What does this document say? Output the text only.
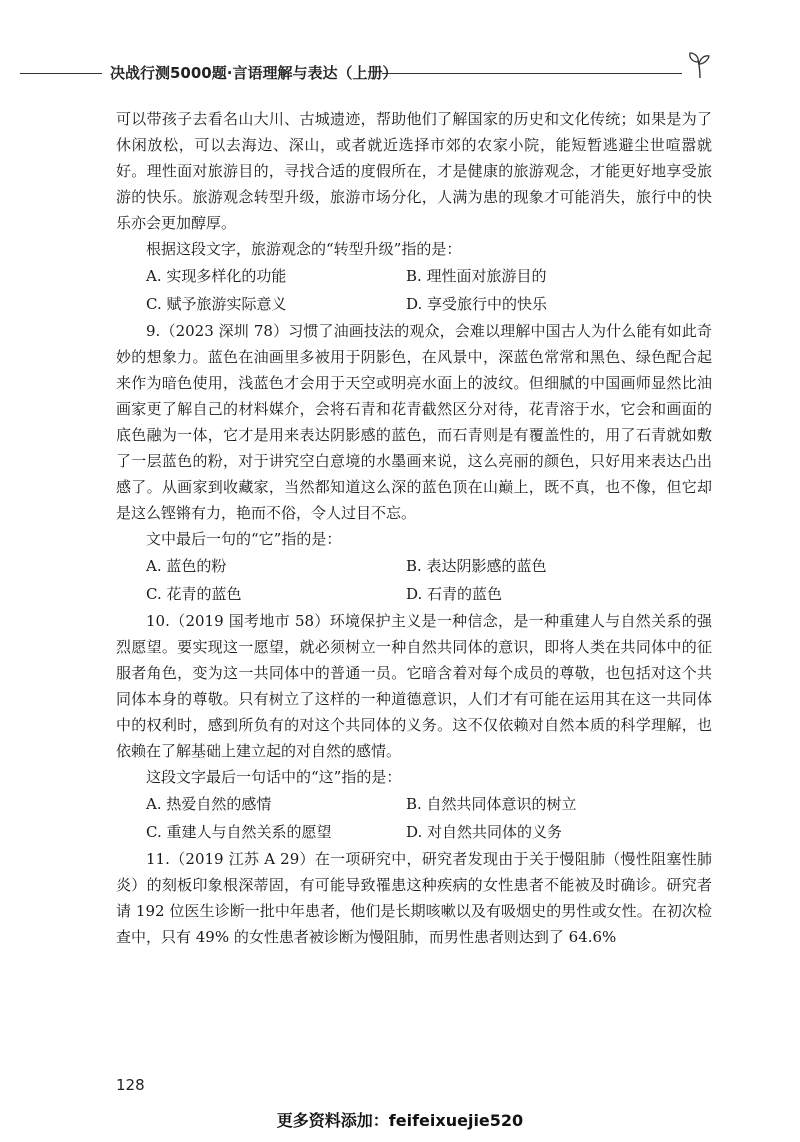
决战行测5000题·言语理解与表达（上册）

可以带孩子去看名山大川、古城遗迹，帮助他们了解国家的历史和文化传统；如果是为了休闲放松，可以去海边、深山，或者就近选择市郊的农家小院，能短暂逃避尘世喧嚣就好。理性面对旅游目的，寻找合适的度假所在，才是健康的旅游观念，才能更好地享受旅游的快乐。旅游观念转型升级，旅游市场分化，人满为患的现象才可能消失，旅行中的快乐亦会更加醇厚。

根据这段文字，旅游观念的“转型升级”指的是：

A. 实现多样化的功能	B. 理性面对旅游目的
C. 赋予旅游实际意义	D. 享受旅行中的快乐

9.（2023 深圳 78）习惯了油画技法的观众，会难以理解中国古人为什么能有如此奇妙的想象力。蓝色在油画里多被用于阴影色，在风景中，深蓝色常常和黑色、绿色配合起来作为暗色使用，浅蓝色才会用于天空或明亮水面上的波纹。但细腻的中国画师显然比油画家更了解自己的材料媒介，会将石青和花青截然区分对待，花青溶于水，它会和画面的底色融为一体，它才是用来表达阴影感的蓝色，而石青则是有覆盖性的，用了石青就如敷了一层蓝色的粉，对于讲究空白意境的水墨画来说，这么亮丽的颜色，只好用来表达凸出感了。从画家到收藏家，当然都知道这么深的蓝色顶在山巅上，既不真，也不像，但它却是这么铿锵有力，艳而不俗，令人过目不忘。

文中最后一句的“它”指的是：

A. 蓝色的粉	B. 表达阴影感的蓝色
C. 花青的蓝色	D. 石青的蓝色

10.（2019 国考地市 58）环境保护主义是一种信念，是一种重建人与自然关系的强烈愿望。要实现这一愿望，就必须树立一种自然共同体的意识，即将人类在共同体中的征服者角色，变为这一共同体中的普通一员。它暗含着对每个成员的尊敬，也包括对这个共同体本身的尊敬。只有树立了这样的一种道德意识，人们才有可能在运用其在这一共同体中的权利时，感到所负有的对这个共同体的义务。这不仅依赖对自然本质的科学理解，也依赖在了解基础上建立起的对自然的感情。

这段文字最后一句话中的“这”指的是：

A. 热爱自然的感情	B. 自然共同体意识的树立
C. 重建人与自然关系的愿望	D. 对自然共同体的义务

11.（2019 江苏 A 29）在一项研究中，研究者发现由于关于慢阻肺（慢性阻塞性肺炎）的刻板印象根深蒂固，有可能导致罹患这种疾病的女性患者不能被及时确诊。研究者请 192 位医生诊断一批中年患者，他们是长期咳嗽以及有吸烟史的男性或女性。在初次检查中，只有 49% 的女性患者被诊断为慢阻肺，而男性患者则达到了 64.6%

128
更多资料添加：feifeixuejie520
